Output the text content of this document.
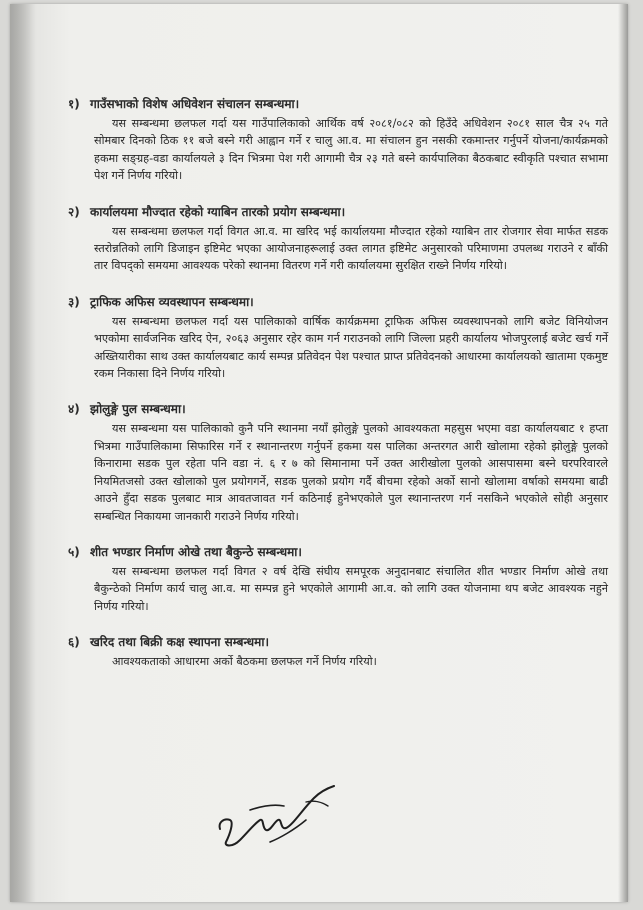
१) गाउँसभाको विशेष अधिवेशन संचालन सम्बन्धमा।

यस सम्बन्धमा छलफल गर्दा यस गाउँपालिकाको आर्थिक वर्ष २०८१/०८२ को हिउँदे अधिवेशन २०८१ साल चैत्र २५ गते सोमबार दिनको ठिक ११ बजे बस्ने गरी आह्वान गर्ने र चालु आ.व. मा संचालन हुन नसकी रकमान्तर गर्नुपर्ने योजना/कार्यक्रमको हकमा सङ्ग्रह-वडा कार्यालयले ३ दिन भित्रमा पेश गरी आगामी चैत्र २३ गते बस्ने कार्यपालिका बैठकबाट स्वीकृति पश्चात सभामा पेश गर्ने निर्णय गरियो।

२) कार्यालयमा मौज्दात रहेको ग्याबिन तारको प्रयोग सम्बन्धमा।

यस सम्बन्धमा छलफल गर्दा विगत आ.व. मा खरिद भई कार्यालयमा मौज्दात रहेको ग्याबिन तार रोजगार सेवा मार्फत सडक स्तरोन्नतिको लागि डिजाइन इष्टिमेट भएका आयोजनाहरूलाई उक्त लागत इष्टिमेट अनुसारको परिमाणमा उपलब्ध गराउने र बाँकी तार विपद्को समयमा आवश्यक परेको स्थानमा वितरण गर्ने गरी कार्यालयमा सुरक्षित राख्ने निर्णय गरियो।

३) ट्राफिक अफिस व्यवस्थापन सम्बन्धमा।

यस सम्बन्धमा छलफल गर्दा यस पालिकाको वार्षिक कार्यक्रममा ट्राफिक अफिस व्यवस्थापनको लागि बजेट विनियोजन भएकोमा सार्वजनिक खरिद ऐन, २०६३ अनुसार रहेर काम गर्न गराउनको लागि जिल्ला प्रहरी कार्यालय भोजपुरलाई बजेट खर्च गर्ने अख्तियारीका साथ उक्त कार्यालयबाट कार्य सम्पन्न प्रतिवेदन पेश पश्चात प्राप्त प्रतिवेदनको आधारमा कार्यालयको खातामा एकमुष्ट रकम निकासा दिने निर्णय गरियो।

४) झोलुङ्गे पुल सम्बन्धमा।

यस सम्बन्धमा यस पालिकाको कुनै पनि स्थानमा नयाँ झोलुङ्गे पुलको आवश्यकता महसुस भएमा वडा कार्यालयबाट १ हप्ता भित्रमा गाउँपालिकामा सिफारिस गर्ने र स्थानान्तरण गर्नुपर्ने हकमा यस पालिका अन्तरगत आरी खोलामा रहेको झोलुङ्गे पुलको किनारामा सडक पुल रहेता पनि वडा नं. ६ र ७ को सिमानामा पर्ने उक्त आरीखोला पुलको आसपासमा बस्ने घरपरिवारले नियमितजसो उक्त खोलाको पुल प्रयोगगर्ने, सडक पुलको प्रयोग गर्दै बीचमा रहेको अर्को सानो खोलामा वर्षाको समयमा बाढी आउने हुँदा सडक पुलबाट मात्र आवतजावत गर्न कठिनाई हुनेभएकोले पुल स्थानान्तरण गर्न नसकिने भएकोले सोही अनुसार सम्बन्धित निकायमा जानकारी गराउने निर्णय गरियो।

५) शीत भण्डार निर्माण ओखे तथा बैकुन्ठे सम्बन्धमा।

यस सम्बन्धमा छलफल गर्दा विगत २ वर्ष देखि संघीय समपूरक अनुदानबाट संचालित शीत भण्डार निर्माण ओखे तथा बैकुन्ठेको निर्माण कार्य चालु आ.व. मा सम्पन्न हुने भएकोले आगामी आ.व. को लागि उक्त योजनामा थप बजेट आवश्यक नहुने निर्णय गरियो।

६) खरिद तथा बिक्री कक्ष स्थापना सम्बन्धमा।

आवश्यकताको आधारमा अर्को बैठकमा छलफल गर्ने निर्णय गरियो।
